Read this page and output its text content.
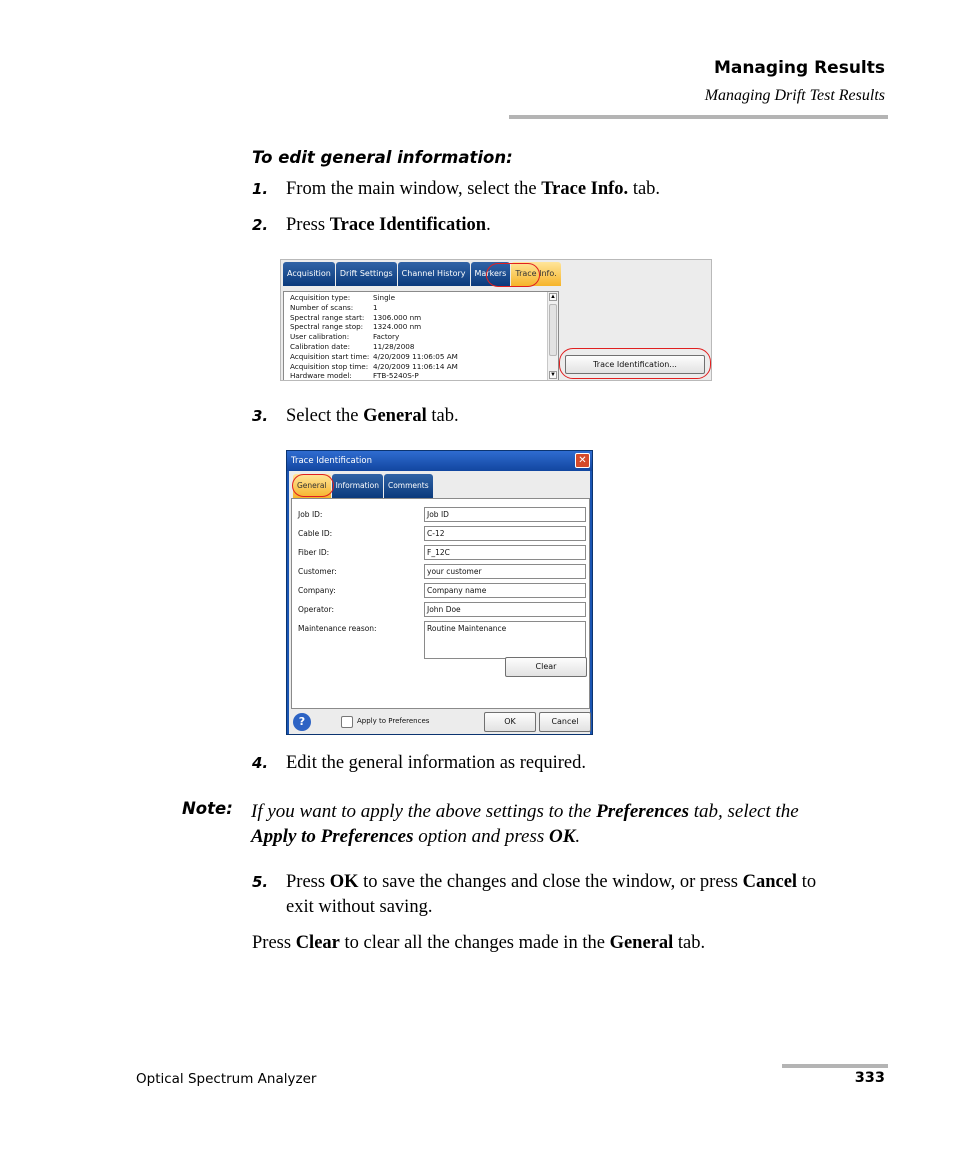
Managing Results
Managing Drift Test Results
To edit general information:
1. From the main window, select the Trace Info. tab.
2. Press Trace Identification.
Acquisition	Drift Settings	Channel History	Markers	Trace Info.
Acquisition type:	Single
Number of scans:	1
Spectral range start: 1306.000 nm
Spectral range stop: 1324.000 nm
User calibration:	Factory
Calibration date:	11/28/2008
Acquisition start time: 4/20/2009 11:06:05 AM
Acquisition stop time: 4/20/2009 11:06:14 AM
Hardware model:	FTB-5240S-P
▲
▼
Trace Identification...
3. Select the General tab.
Trace Identification	✕
General	Information	Comments
Job ID:	Job ID
Cable ID:	C-12
Fiber ID:	F_12C
Customer:	your customer
Company:	Company name
Operator:	John Doe
Maintenance reason:	Routine Maintenance
Clear
?	Apply to Preferences	OK	Cancel
4. Edit the general information as required.
Note: If you want to apply the above settings to the Preferences tab, select the
Apply to Preferences option and press OK.
5. Press OK to save the changes and close the window, or press Cancel to
exit without saving.
Press Clear to clear all the changes made in the General tab.
Optical Spectrum Analyzer	333
